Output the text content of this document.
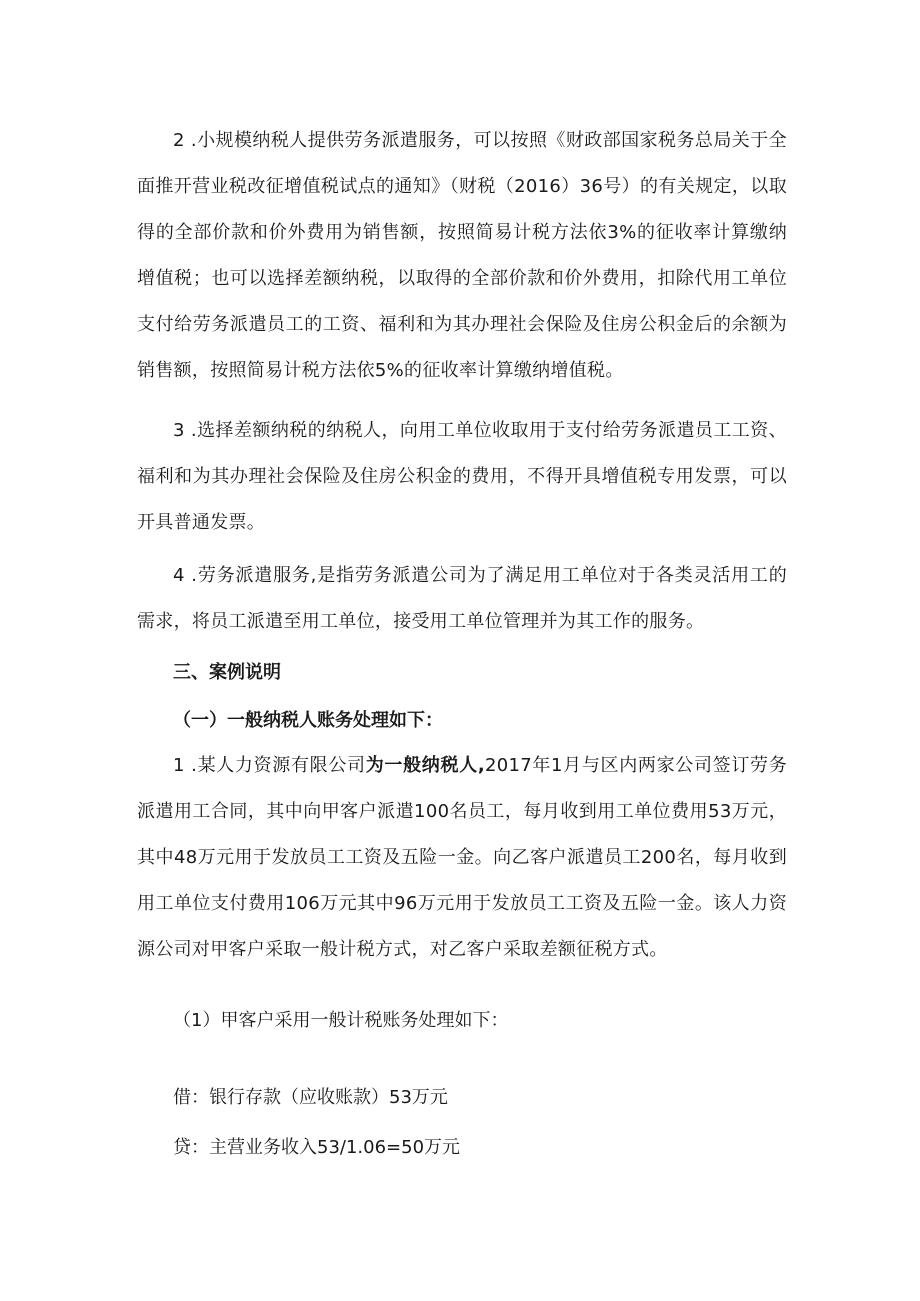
2 .小规模纳税人提供劳务派遣服务，可以按照《财政部国家税务总局关于全面推开营业税改征增值税试点的通知》（财税（2016）36号）的有关规定，以取得的全部价款和价外费用为销售额，按照简易计税方法依3%的征收率计算缴纳增值税；也可以选择差额纳税，以取得的全部价款和价外费用，扣除代用工单位支付给劳务派遣员工的工资、福利和为其办理社会保险及住房公积金后的余额为销售额，按照简易计税方法依5%的征收率计算缴纳增值税。

3 .选择差额纳税的纳税人，向用工单位收取用于支付给劳务派遣员工工资、福利和为其办理社会保险及住房公积金的费用，不得开具增值税专用发票，可以开具普通发票。

4 .劳务派遣服务,是指劳务派遣公司为了满足用工单位对于各类灵活用工的需求，将员工派遣至用工单位，接受用工单位管理并为其工作的服务。

三、案例说明

（一）一般纳税人账务处理如下：

1 .某人力资源有限公司为一般纳税人,2017年1月与区内两家公司签订劳务派遣用工合同，其中向甲客户派遣100名员工，每月收到用工单位费用53万元，其中48万元用于发放员工工资及五险一金。向乙客户派遣员工200名，每月收到用工单位支付费用106万元其中96万元用于发放员工工资及五险一金。该人力资源公司对甲客户采取一般计税方式，对乙客户采取差额征税方式。

（1）甲客户采用一般计税账务处理如下：

借：银行存款（应收账款）53万元

贷：主营业务收入53/1.06=50万元
